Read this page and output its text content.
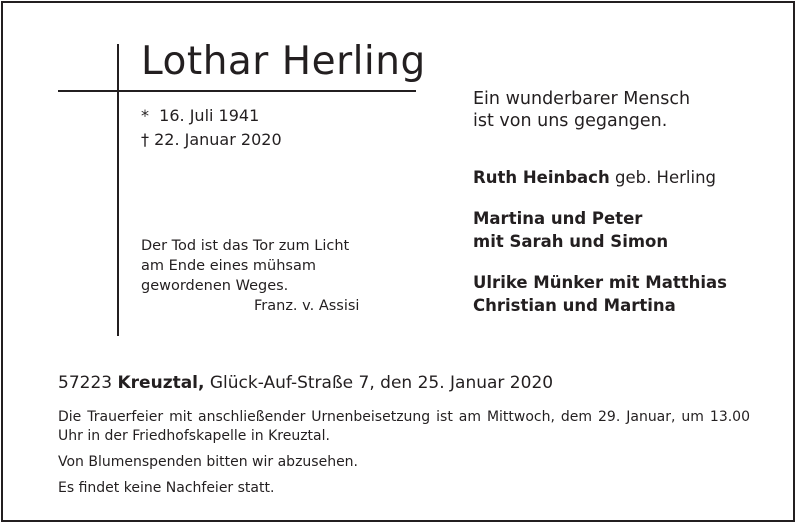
Lothar Herling
* 16. Juli 1941
† 22. Januar 2020
Der Tod ist das Tor zum Licht
am Ende eines mühsam
gewordenen Weges.
Franz. v. Assisi
Ein wunderbarer Mensch
ist von uns gegangen.
Ruth Heinbach geb. Herling
Martina und Peter
mit Sarah und Simon
Ulrike Münker mit Matthias
Christian und Martina
57223 Kreuztal, Glück-Auf-Straße 7, den 25. Januar 2020
Die Trauerfeier mit anschließender Urnenbeisetzung ist am Mittwoch, dem 29. Januar, um 13.00 Uhr in der Friedhofskapelle in Kreuztal.
Von Blumenspenden bitten wir abzusehen.
Es findet keine Nachfeier statt.
